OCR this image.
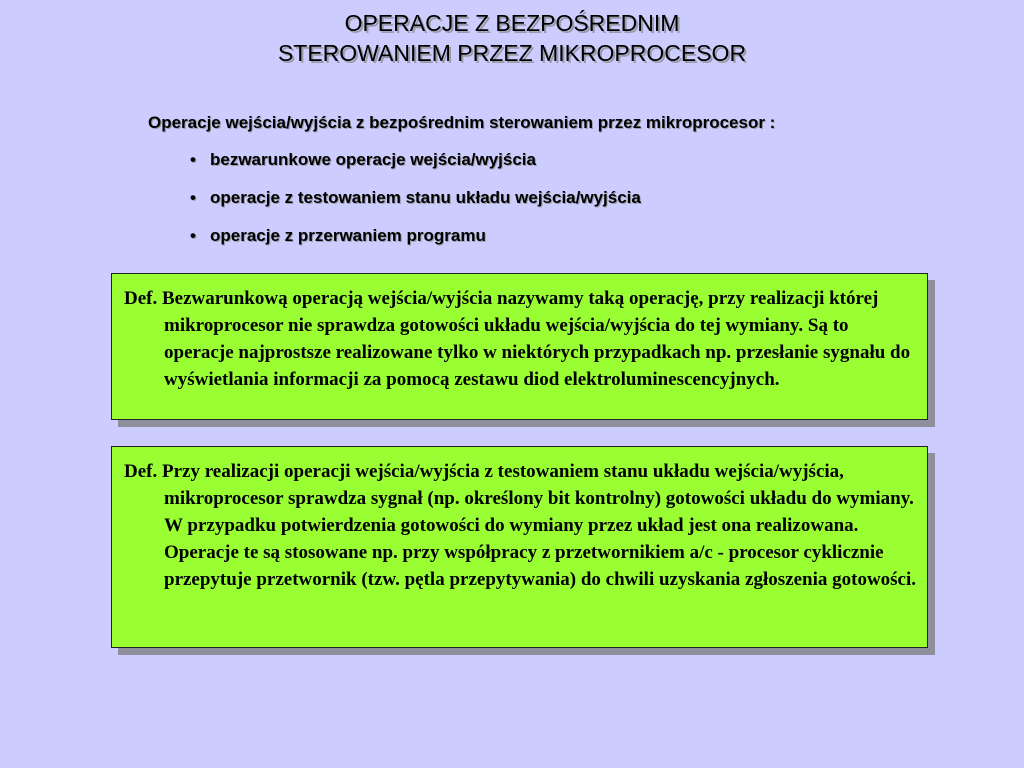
OPERACJE Z BEZPOŚREDNIM
STEROWANIEM PRZEZ MIKROPROCESOR
Operacje wejścia/wyjścia z bezpośrednim sterowaniem przez mikroprocesor :
• bezwarunkowe operacje wejścia/wyjścia
• operacje z testowaniem stanu układu wejścia/wyjścia
• operacje z przerwaniem programu

Def. Bezwarunkową operacją wejścia/wyjścia nazywamy taką operację, przy realizacji której mikroprocesor nie sprawdza gotowości układu wejścia/wyjścia do tej wymiany. Są to operacje najprostsze realizowane tylko w niektórych przypadkach np. przesłanie sygnału do wyświetlania informacji za pomocą zestawu diod elektroluminescencyjnych.

Def. Przy realizacji operacji wejścia/wyjścia z testowaniem stanu układu wejścia/wyjścia, mikroprocesor sprawdza sygnał (np. określony bit kontrolny) gotowości układu do wymiany. W przypadku potwierdzenia gotowości do wymiany przez układ jest ona realizowana. Operacje te są stosowane np. przy współpracy z przetwornikiem a/c - procesor cyklicznie przepytuje przetwornik (tzw. pętla przepytywania) do chwili uzyskania zgłoszenia gotowości.
